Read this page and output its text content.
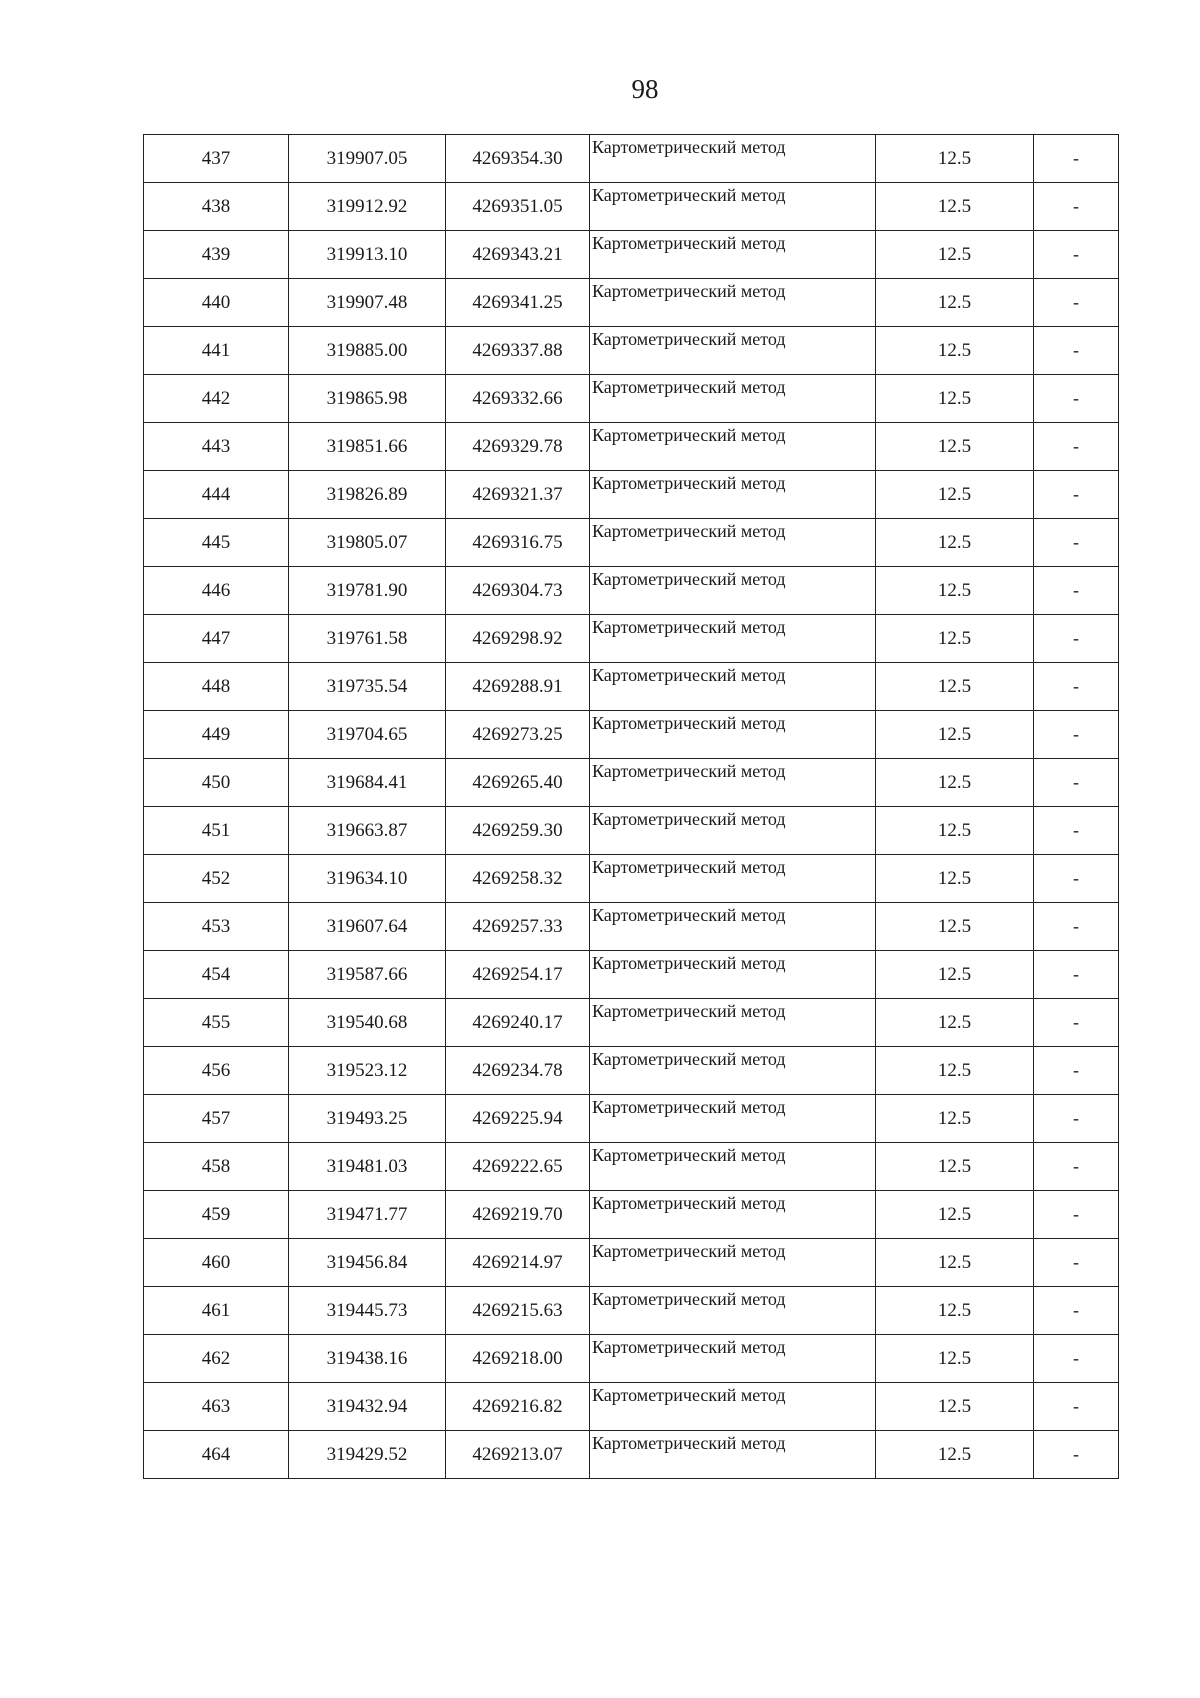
98
437	319907.05	4269354.30	Картометрический метод	12.5	-
438	319912.92	4269351.05	Картометрический метод	12.5	-
439	319913.10	4269343.21	Картометрический метод	12.5	-
440	319907.48	4269341.25	Картометрический метод	12.5	-
441	319885.00	4269337.88	Картометрический метод	12.5	-
442	319865.98	4269332.66	Картометрический метод	12.5	-
443	319851.66	4269329.78	Картометрический метод	12.5	-
444	319826.89	4269321.37	Картометрический метод	12.5	-
445	319805.07	4269316.75	Картометрический метод	12.5	-
446	319781.90	4269304.73	Картометрический метод	12.5	-
447	319761.58	4269298.92	Картометрический метод	12.5	-
448	319735.54	4269288.91	Картометрический метод	12.5	-
449	319704.65	4269273.25	Картометрический метод	12.5	-
450	319684.41	4269265.40	Картометрический метод	12.5	-
451	319663.87	4269259.30	Картометрический метод	12.5	-
452	319634.10	4269258.32	Картометрический метод	12.5	-
453	319607.64	4269257.33	Картометрический метод	12.5	-
454	319587.66	4269254.17	Картометрический метод	12.5	-
455	319540.68	4269240.17	Картометрический метод	12.5	-
456	319523.12	4269234.78	Картометрический метод	12.5	-
457	319493.25	4269225.94	Картометрический метод	12.5	-
458	319481.03	4269222.65	Картометрический метод	12.5	-
459	319471.77	4269219.70	Картометрический метод	12.5	-
460	319456.84	4269214.97	Картометрический метод	12.5	-
461	319445.73	4269215.63	Картометрический метод	12.5	-
462	319438.16	4269218.00	Картометрический метод	12.5	-
463	319432.94	4269216.82	Картометрический метод	12.5	-
464	319429.52	4269213.07	Картометрический метод	12.5	-
